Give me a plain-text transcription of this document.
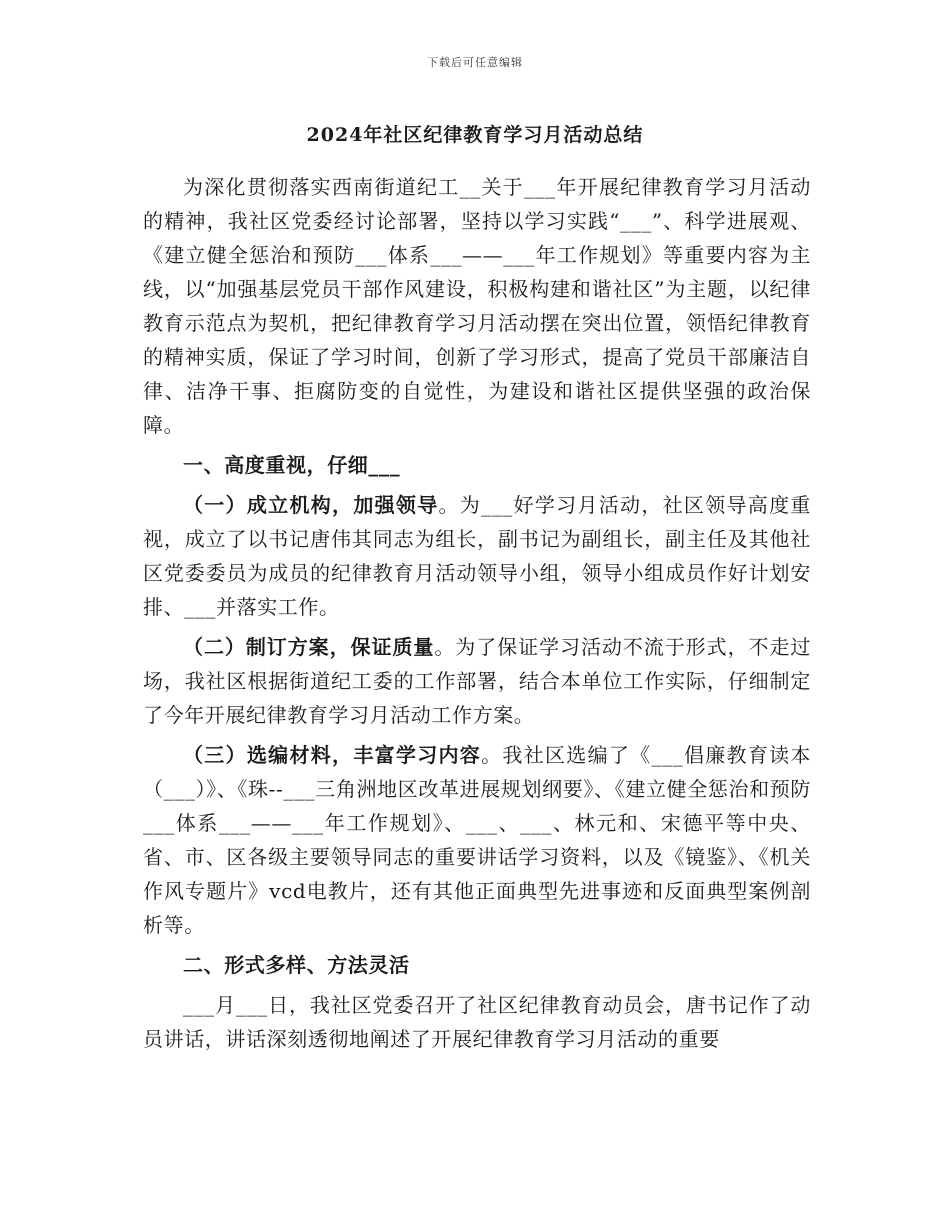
下载后可任意编辑
2024年社区纪律教育学习月活动总结

为深化贯彻落实西南街道纪工__关于___年开展纪律教育学习月活动的精神，我社区党委经讨论部署，坚持以学习实践“___”、科学进展观、《建立健全惩治和预防___体系___——___年工作规划》等重要内容为主线，以“加强基层党员干部作风建设，积极构建和谐社区”为主题，以纪律教育示范点为契机，把纪律教育学习月活动摆在突出位置，领悟纪律教育的精神实质，保证了学习时间，创新了学习形式，提高了党员干部廉洁自律、洁净干事、拒腐防变的自觉性，为建设和谐社区提供坚强的政治保障。

一、高度重视，仔细___

（一）成立机构，加强领导。为___好学习月活动，社区领导高度重视，成立了以书记唐伟其同志为组长，副书记为副组长，副主任及其他社区党委委员为成员的纪律教育月活动领导小组，领导小组成员作好计划安排、___并落实工作。

（二）制订方案，保证质量。为了保证学习活动不流于形式，不走过场，我社区根据街道纪工委的工作部署，结合本单位工作实际，仔细制定了今年开展纪律教育学习月活动工作方案。

（三）选编材料，丰富学习内容。我社区选编了《___倡廉教育读本（___）》、《珠--___三角洲地区改革进展规划纲要》、《建立健全惩治和预防___体系___——___年工作规划》、___、___、林元和、宋德平等中央、省、市、区各级主要领导同志的重要讲话学习资料，以及《镜鉴》、《机关作风专题片》vcd电教片，还有其他正面典型先进事迹和反面典型案例剖析等。

二、形式多样、方法灵活

___月___日，我社区党委召开了社区纪律教育动员会，唐书记作了动员讲话，讲话深刻透彻地阐述了开展纪律教育学习月活动的重要
